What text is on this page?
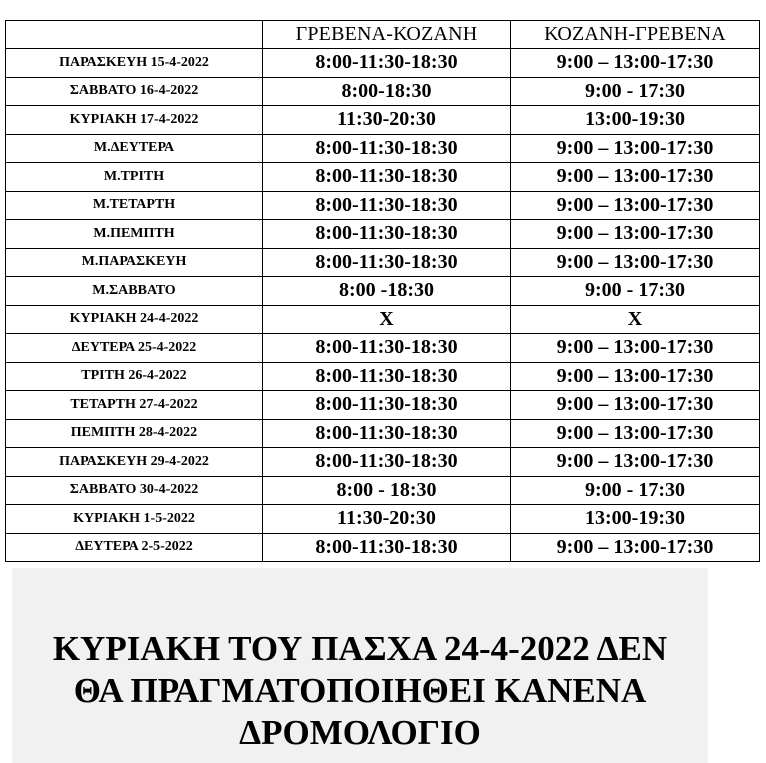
	ΓΡΕΒΕΝΑ-ΚΟΖΑΝΗ	ΚΟΖΑΝΗ-ΓΡΕΒΕΝΑ
ΠΑΡΑΣΚΕΥΗ 15-4-2022	8:00-11:30-18:30	9:00 – 13:00-17:30
ΣΑΒΒΑΤΟ 16-4-2022	8:00-18:30	9:00 - 17:30
ΚΥΡΙΑΚΗ 17-4-2022	11:30-20:30	13:00-19:30
Μ.ΔΕΥΤΕΡΑ	8:00-11:30-18:30	9:00 – 13:00-17:30
Μ.ΤΡΙΤΗ	8:00-11:30-18:30	9:00 – 13:00-17:30
Μ.ΤΕΤΑΡΤΗ	8:00-11:30-18:30	9:00 – 13:00-17:30
Μ.ΠΕΜΠΤΗ	8:00-11:30-18:30	9:00 – 13:00-17:30
Μ.ΠΑΡΑΣΚΕΥΗ	8:00-11:30-18:30	9:00 – 13:00-17:30
Μ.ΣΑΒΒΑΤΟ	8:00 -18:30	9:00 - 17:30
ΚΥΡΙΑΚΗ 24-4-2022	X	X
ΔΕΥΤΕΡΑ 25-4-2022	8:00-11:30-18:30	9:00 – 13:00-17:30
ΤΡΙΤΗ 26-4-2022	8:00-11:30-18:30	9:00 – 13:00-17:30
ΤΕΤΑΡΤΗ 27-4-2022	8:00-11:30-18:30	9:00 – 13:00-17:30
ΠΕΜΠΤΗ 28-4-2022	8:00-11:30-18:30	9:00 – 13:00-17:30
ΠΑΡΑΣΚΕΥΗ 29-4-2022	8:00-11:30-18:30	9:00 – 13:00-17:30
ΣΑΒΒΑΤΟ 30-4-2022	8:00 - 18:30	9:00 - 17:30
ΚΥΡΙΑΚΗ 1-5-2022	11:30-20:30	13:00-19:30
ΔΕΥΤΕΡΑ 2-5-2022	8:00-11:30-18:30	9:00 – 13:00-17:30

ΚΥΡΙΑΚΗ ΤΟΥ ΠΑΣΧΑ 24-4-2022 ΔΕΝ
ΘΑ ΠΡΑΓΜΑΤΟΠΟΙΗΘΕΙ ΚΑΝΕΝΑ
ΔΡΟΜΟΛΟΓΙΟ
